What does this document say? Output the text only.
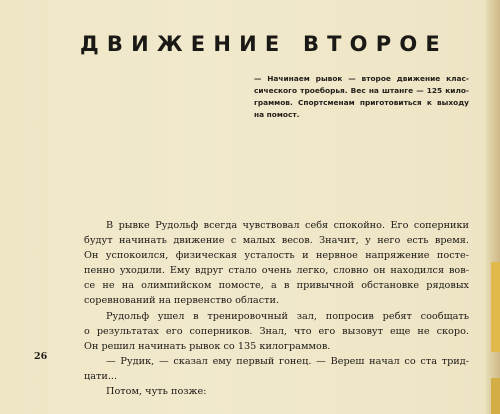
ДВИЖЕНИЕ ВТОРОЕ
— Начинаем рывок — второе движение клас-
сического троеборья. Вес на штанге — 125 кило-
граммов. Спортсменам приготовиться к выходу
на помост.
В рывке Рудольф всегда чувствовал себя спокойно. Его соперники
будут начинать движение с малых весов. Значит, у него есть время.
Он успокоился, физическая усталость и нервное напряжение посте-
пенно уходили. Ему вдруг стало очень легко, словно он находился вов-
се не на олимпийском помосте, а в привычной обстановке рядовых
соревнований на первенство области.
Рудольф ушел в тренировочный зал, попросив ребят сообщать
о результатах его соперников. Знал, что его вызовут еще не скоро.
Он решил начинать рывок со 135 килограммов.
— Рудик, — сказал ему первый гонец. — Вереш начал со ста трид-
цати...
Потом, чуть позже:
26
